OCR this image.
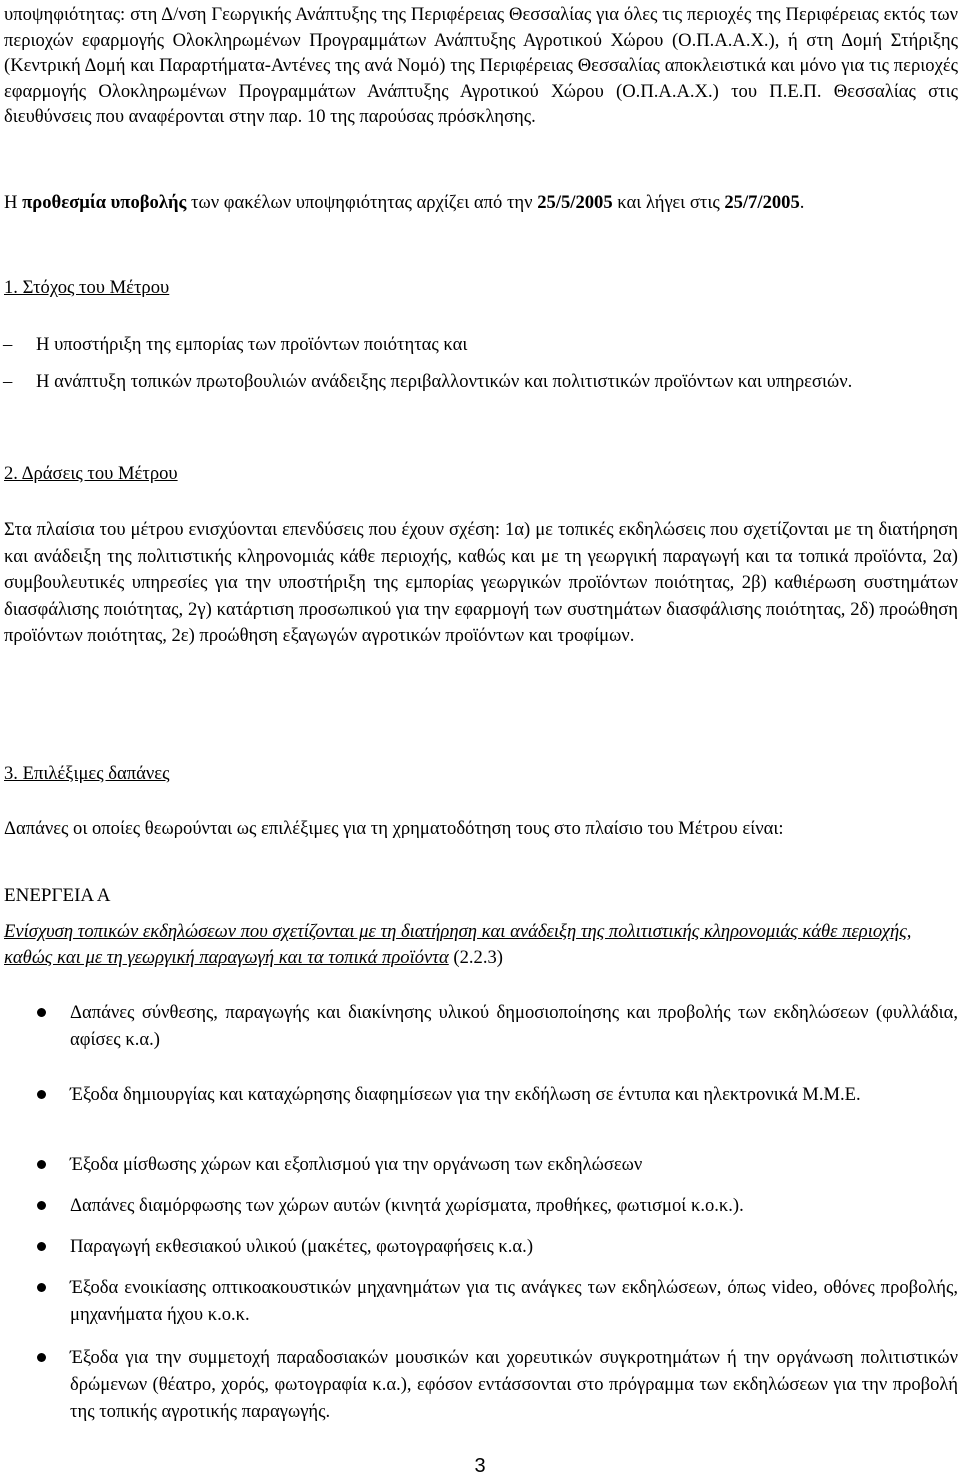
υποψηφιότητας: στη Δ/νση Γεωργικής Ανάπτυξης της Περιφέρειας Θεσσαλίας για όλες τις περιοχές της Περιφέρειας εκτός των περιοχών εφαρμογής Ολοκληρωμένων Προγραμμάτων Ανάπτυξης Αγροτικού Χώρου (Ο.Π.Α.Α.Χ.), ή στη Δομή Στήριξης (Κεντρική Δομή και Παραρτήματα-Αντένες της ανά Νομό) της Περιφέρειας Θεσσαλίας αποκλειστικά και μόνο για τις περιοχές εφαρμογής Ολοκληρωμένων Προγραμμάτων Ανάπτυξης Αγροτικού Χώρου (Ο.Π.Α.Α.Χ.) του Π.Ε.Π. Θεσσαλίας στις διευθύνσεις που αναφέρονται στην παρ. 10 της παρούσας πρόσκλησης.

Η προθεσμία υποβολής των φακέλων υποψηφιότητας αρχίζει από την 25/5/2005 και λήγει στις 25/7/2005.

1. Στόχος του Μέτρου
– Η υποστήριξη της εμπορίας των προϊόντων ποιότητας και
– Η ανάπτυξη τοπικών πρωτοβουλιών ανάδειξης περιβαλλοντικών και πολιτιστικών προϊόντων και υπηρεσιών.
2. Δράσεις του Μέτρου

Στα πλαίσια του μέτρου ενισχύονται επενδύσεις που έχουν σχέση: 1α) με τοπικές εκδηλώσεις που σχετίζονται με τη διατήρηση και ανάδειξη της πολιτιστικής κληρονομιάς κάθε περιοχής, καθώς και με τη γεωργική παραγωγή και τα τοπικά προϊόντα, 2α) συμβουλευτικές υπηρεσίες για την υποστήριξη της εμπορίας γεωργικών προϊόντων ποιότητας, 2β) καθιέρωση συστημάτων διασφάλισης ποιότητας, 2γ) κατάρτιση προσωπικού για την εφαρμογή των συστημάτων διασφάλισης ποιότητας, 2δ) προώθηση προϊόντων ποιότητας, 2ε) προώθηση εξαγωγών αγροτικών προϊόντων και τροφίμων.

3. Επιλέξιμες δαπάνες

Δαπάνες οι οποίες θεωρούνται ως επιλέξιμες για τη χρηματοδότηση τους στο πλαίσιο του Μέτρου είναι:

ΕΝΕΡΓΕΙΑ Α

Ενίσχυση τοπικών εκδηλώσεων που σχετίζονται με τη διατήρηση και ανάδειξη της πολιτιστικής κληρονομιάς κάθε περιοχής, καθώς και με τη γεωργική παραγωγή και τα τοπικά προϊόντα (2.2.3)

Δαπάνες σύνθεσης, παραγωγής και διακίνησης υλικού δημοσιοποίησης και προβολής των εκδηλώσεων (φυλλάδια, αφίσες κ.α.)
Έξοδα δημιουργίας και καταχώρησης διαφημίσεων για την εκδήλωση σε έντυπα και ηλεκτρονικά Μ.Μ.Ε.
Έξοδα μίσθωσης χώρων και εξοπλισμού για την οργάνωση των εκδηλώσεων
Δαπάνες διαμόρφωσης των χώρων αυτών (κινητά χωρίσματα, προθήκες, φωτισμοί κ.ο.κ.).
Παραγωγή εκθεσιακού υλικού (μακέτες, φωτογραφήσεις κ.α.)
Έξοδα ενοικίασης οπτικοακουστικών μηχανημάτων για τις ανάγκες των εκδηλώσεων, όπως video, οθόνες προβολής, μηχανήματα ήχου κ.ο.κ.
Έξοδα για την συμμετοχή παραδοσιακών μουσικών και χορευτικών συγκροτημάτων ή την οργάνωση πολιτιστικών δρώμενων (θέατρο, χορός, φωτογραφία κ.α.), εφόσον εντάσσονται στο πρόγραμμα των εκδηλώσεων για την προβολή της τοπικής αγροτικής παραγωγής.
3
